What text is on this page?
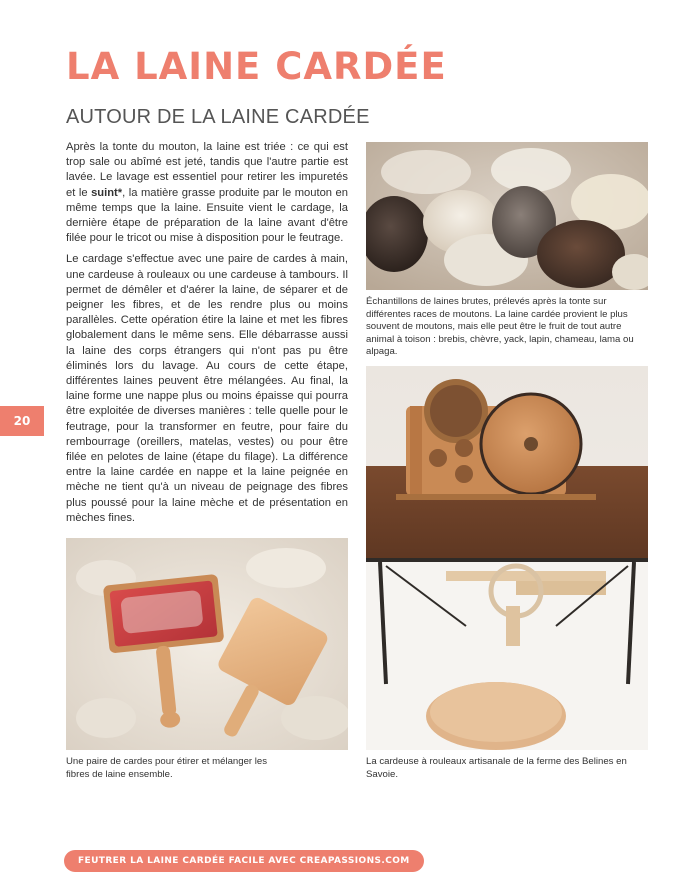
LA LAINE CARDÉE
AUTOUR DE LA LAINE CARDÉE

Après la tonte du mouton, la laine est triée : ce qui est trop sale ou abîmé est jeté, tandis que l'autre partie est lavée. Le lavage est essentiel pour retirer les impuretés et le suint*, la matière grasse produite par le mouton en même temps que la laine. Ensuite vient le cardage, la dernière étape de préparation de la laine avant d'être filée pour le tricot ou mise à disposition pour le feutrage.

Le cardage s'effectue avec une paire de cardes à main, une cardeuse à rouleaux ou une cardeuse à tambours. Il permet de démêler et d'aérer la laine, de séparer et de peigner les fibres, et de les rendre plus ou moins parallèles. Cette opération étire la laine et met les fibres globalement dans le même sens. Elle débarrasse aussi la laine des corps étrangers qui n'ont pas pu être éliminés lors du lavage. Au cours de cette étape, différentes laines peuvent être mélangées. Au final, la laine forme une nappe plus ou moins épaisse qui pourra être exploitée de diverses manières : telle quelle pour le feutrage, pour la transformer en feutre, pour faire du rembourrage (oreillers, matelas, vestes) ou pour être filée en pelotes de laine (étape du filage). La différence entre la laine cardée en nappe et la laine peignée en mèche ne tient qu'à un niveau de peignage des fibres plus poussé pour la laine mèche et de présentation en mèches fines.

20
Échantillons de laines brutes, prélevés après la tonte sur différentes races de moutons. La laine cardée provient le plus souvent de moutons, mais elle peut être le fruit de tout autre animal à toison : brebis, chèvre, yack, lapin, chameau, lama ou alpaga.
La cardeuse à rouleaux artisanale de la ferme des Belines en Savoie.
Une paire de cardes pour étirer et mélanger les fibres de laine ensemble.
FEUTRER LA LAINE CARDÉE FACILE AVEC CREAPASSIONS.COM
